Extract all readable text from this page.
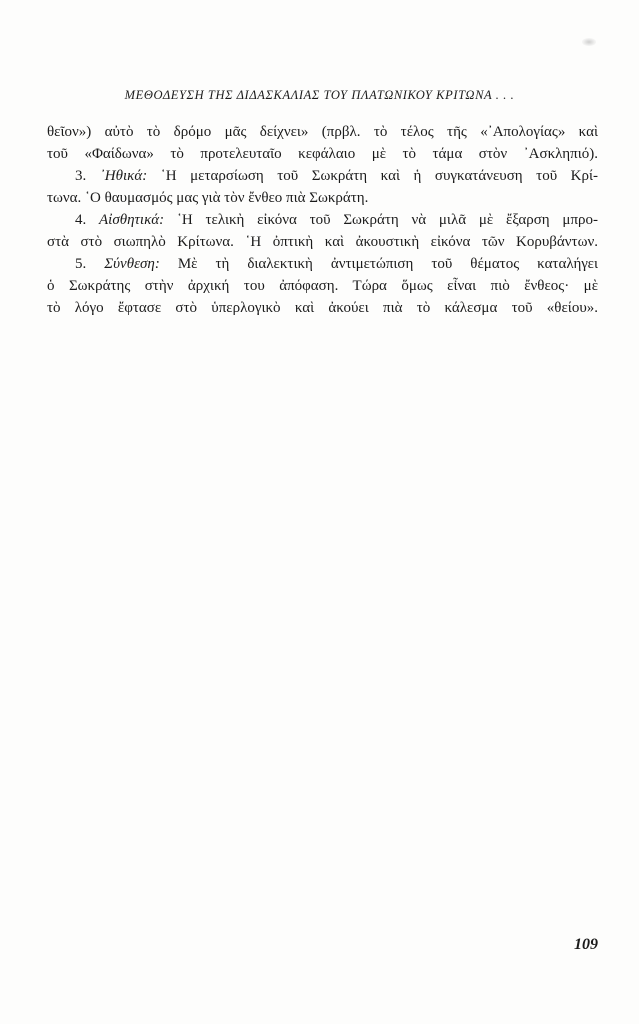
ΜΕΘΟΔΕΥΣΗ ΤΗΣ ΔΙΔΑΣΚΑΛΙΑΣ ΤΟΥ ΠΛΑΤΩΝΙΚΟΥ ΚΡΙΤΩΝΑ . . .
θεῖον») αὐτὸ τὸ δρόμο μᾶς δείχνει» (πρβλ. τὸ τέλος τῆς «᾿Απολογίας» καὶ
τοῦ «Φαίδωνα» τὸ προτελευταῖο κεφάλαιο μὲ τὸ τάμα στὸν ᾿Ασκληπιό).
3. ᾿Ηθικά: ῾Η μεταρσίωση τοῦ Σωκράτη καὶ ἡ συγκατάνευση τοῦ Κρί-
τωνα. ῾Ο θαυμασμός μας γιὰ τὸν ἔνθεο πιὰ Σωκράτη.
4. Αἰσθητικά: ῾Η τελικὴ εἰκόνα τοῦ Σωκράτη νὰ μιλᾶ μὲ ἔξαρση μπρο-
στὰ στὸ σιωπηλὸ Κρίτωνα. ῾Η ὀπτικὴ καὶ ἀκουστικὴ εἰκόνα τῶν Κορυβάντων.
5. Σύνθεση: Μὲ τὴ διαλεκτικὴ ἀντιμετώπιση τοῦ θέματος καταλήγει
ὁ Σωκράτης στὴν ἀρχική του ἀπόφαση. Τώρα ὅμως εἶναι πιὸ ἔνθεος· μὲ
τὸ λόγο ἔφτασε στὸ ὑπερλογικὸ καὶ ἀκούει πιὰ τὸ κάλεσμα τοῦ «θείου».
109
